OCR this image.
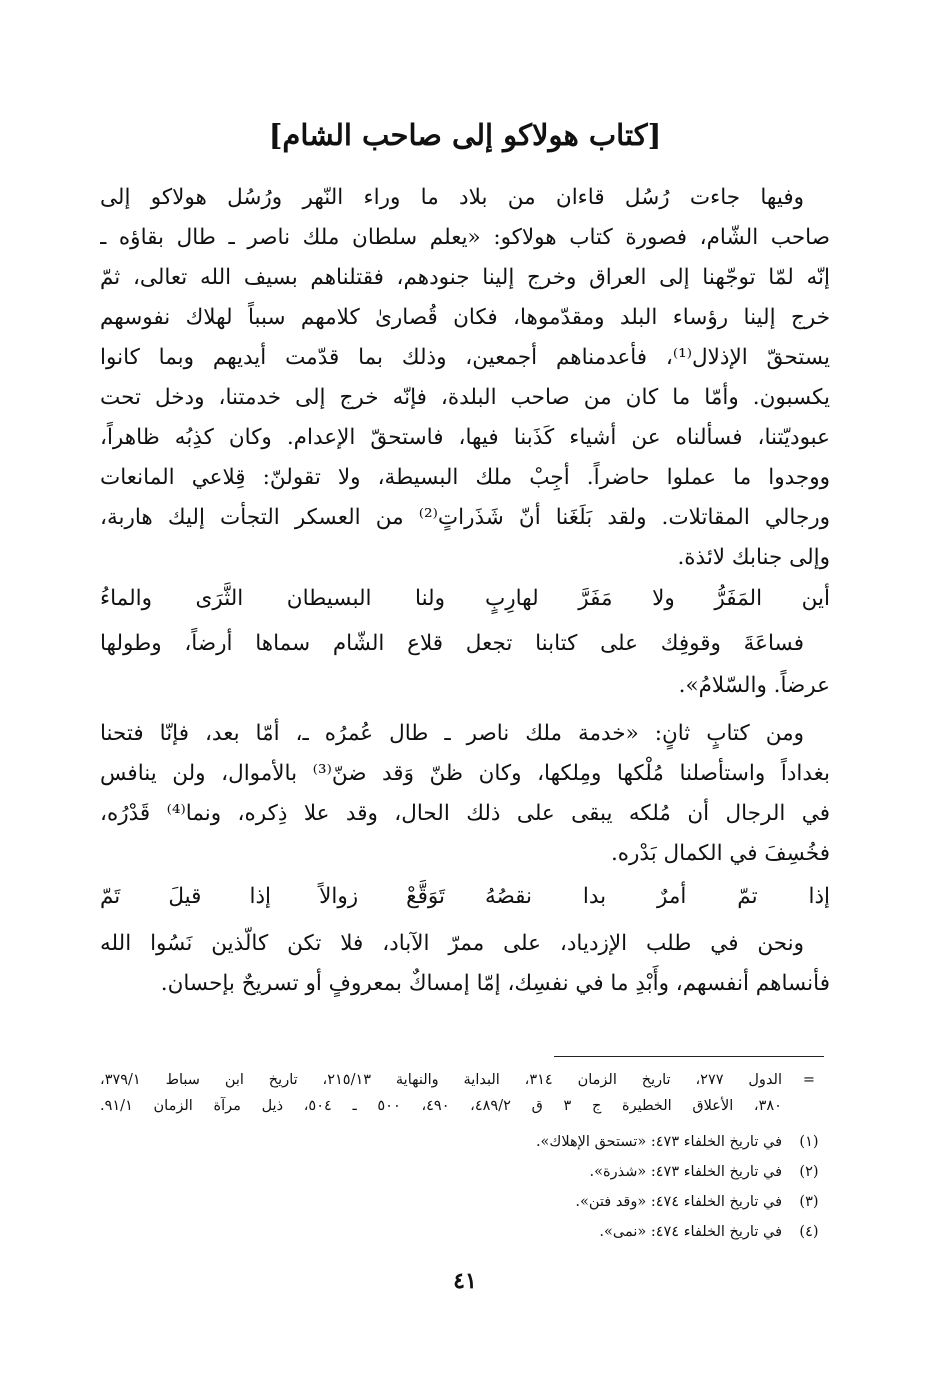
[كتاب هولاكو إلى صاحب الشام]
وفيها جاءت رُسُل قاءان من بلاد ما وراء النّهر ورُسُل هولاكو إلى
صاحب الشّام، فصورة كتاب هولاكو: «يعلم سلطان ملك ناصر ـ طال بقاؤه ـ
إنّه لمّا توجّهنا إلى العراق وخرج إلينا جنودهم، فقتلناهم بسيف الله تعالى، ثمّ
خرج إلينا رؤساء البلد ومقدّموها، فكان قُصارىٰ كلامهم سبباً لهلاك نفوسهم
يستحقّ الإذلال⁽¹⁾، فأعدمناهم أجمعين، وذلك بما قدّمت أيديهم وبما كانوا
يكسبون. وأمّا ما كان من صاحب البلدة، فإنّه خرج إلى خدمتنا، ودخل تحت
عبوديّتنا، فسألناه عن أشياء كَذَبنا فيها، فاستحقّ الإعدام. وكان كذِبُه ظاهراً،
ووجدوا ما عملوا حاضراً. أجِبْ ملك البسيطة، ولا تقولنّ: قِلاعي المانعات
ورجالي المقاتلات. ولقد بَلَغَنا أنّ شَذَراتٍ⁽²⁾ من العسكر التجأت إليك هاربة،
وإلى جنابك لائذة.
أين المَفَرُّ ولا مَفَرَّ لهارِبٍ
ولنا البسيطان الثَّرَى والماءُ
فساعَةَ وقوفِك على كتابنا تجعل قلاع الشّام سماها أرضاً، وطولها
عرضاً. والسّلامُ».
ومن كتابٍ ثانٍ: «خدمة ملك ناصر ـ طال عُمرُه ـ، أمّا بعد، فإنّا فتحنا
بغداداً واستأصلنا مُلْكها ومِلكها، وكان ظنّ وَقد ضنّ⁽³⁾ بالأموال، ولن ينافس
في الرجال أن مُلكه يبقى على ذلك الحال، وقد علا ذِكره، ونما⁽⁴⁾ قَدْرُه،
فخُسِفَ في الكمال بَدْره.
إذا تمّ أمرٌ بدا نقصُهُ
تَوَقَّعْ زوالاً إذا قيلَ تَمّ
ونحن في طلب الإزدياد، على ممرّ الآباد، فلا تكن كالّذين نَسُوا الله
فأنساهم أنفسهم، وأَبْدِ ما في نفسِك، إمّا إمساكٌ بمعروفٍ أو تسريحٌ بإحسان.
=
الدول ٢٧٧، تاريخ الزمان ٣١٤، البداية والنهاية ٢١٥/١٣، تاريخ ابن سباط ٣٧٩/١،
٣٨٠، الأعلاق الخطيرة ج ٣ ق ٤٨٩/٢، ٤٩٠، ٥٠٠ ـ ٥٠٤، ذيل مرآة الزمان ٩١/١.
(١)
في تاريخ الخلفاء ٤٧٣: «تستحق الإهلاك».
(٢)
في تاريخ الخلفاء ٤٧٣: «شذرة».
(٣)
في تاريخ الخلفاء ٤٧٤: «وقد فتن».
(٤)
في تاريخ الخلفاء ٤٧٤: «نمى».
٤١
